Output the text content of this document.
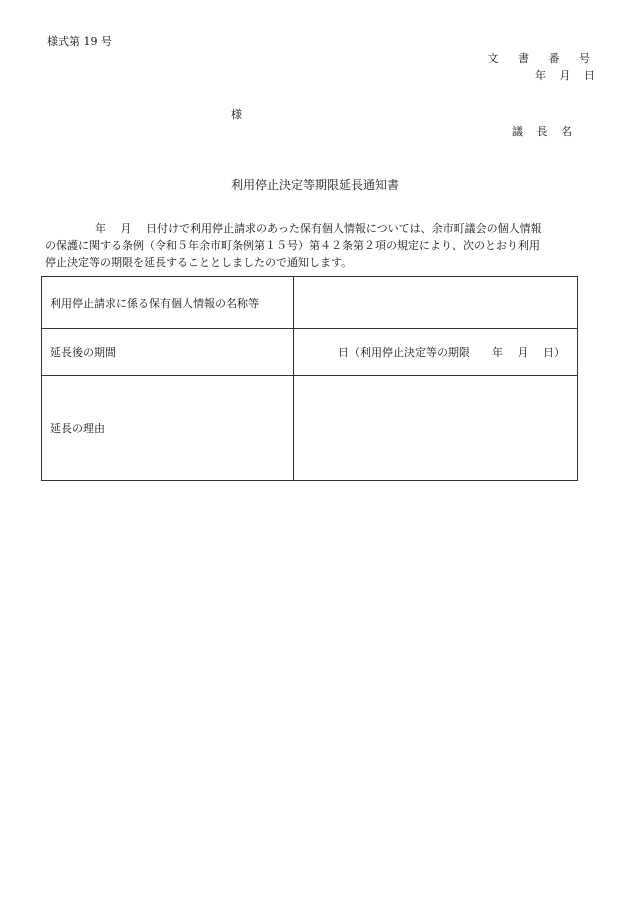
様式第 19 号
文 書 番 号
年 月 日
様
議 長 名
利用停止決定等期限延長通知書
年　 月　 日付けで利用停止請求のあった保有個人情報については、余市町議会の個人情報
の保護に関する条例（令和５年余市町条例第１５号）第４２条第２項の規定により、次のとおり利用
停止決定等の期限を延長することとしましたので通知します。
利用停止請求に係る保有個人情報の名称等	
延長後の期間	日（利用停止決定等の期限　　年　 月　 日）
延長の理由	
